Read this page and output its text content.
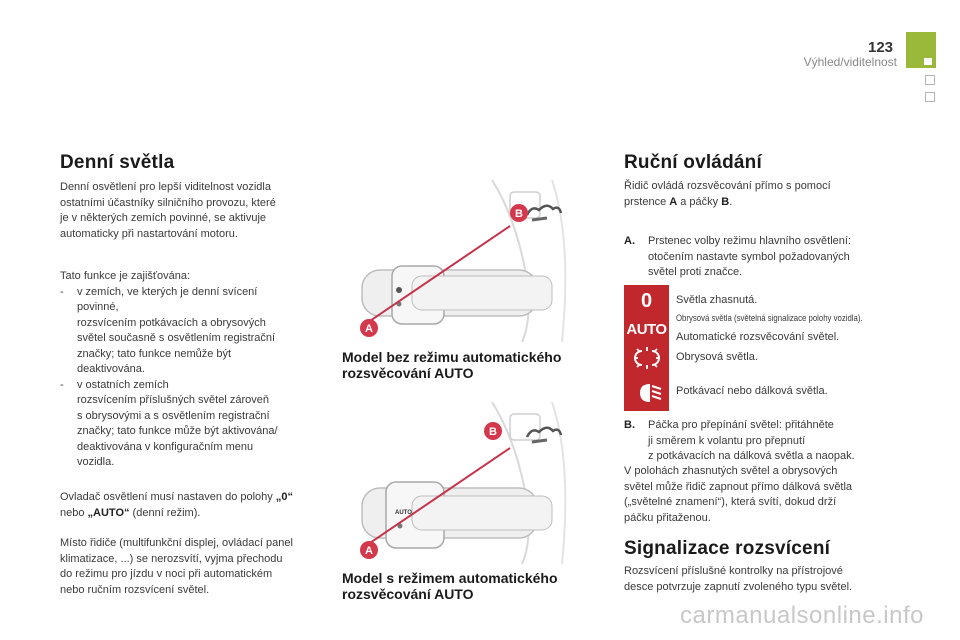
123
Výhled/viditelnost
Denní světla

Denní osvětlení pro lepší viditelnost vozidla

ostatními účastníky silničního provozu, které

je v některých zemích povinné, se aktivuje

automaticky při nastartování motoru.

Tato funkce je zajišťována:

- v zemích, ve kterých je denní svícení

povinné,

rozsvícením potkávacích a obrysových

světel současně s osvětlením registrační

značky; tato funkce nemůže být

deaktivována.

- v ostatních zemích

rozsvícením příslušných světel zároveň

s obrysovými a s osvětlením registrační

značky; tato funkce může být aktivována/

deaktivována v konfiguračním menu

vozidla.

Ovladač osvětlení musí nastaven do polohy „0“

nebo „AUTO“ (denní režim).

Místo řidiče (multifunkční displej, ovládací panel

klimatizace, ...) se nerozsvítí, vyjma přechodu

do režimu pro jízdu v noci při automatickém

nebo ručním rozsvícení světel.

A
B

Model bez režimu automatického

rozsvěcování AUTO

AUTO
A
B

Model s režimem automatického

rozsvěcování AUTO

Ruční ovládání

Řidič ovládá rozsvěcování přímo s pomocí

prstence A a páčky B.

A. Prstenec volby režimu hlavního osvětlení:

otočením nastavte symbol požadovaných

světel proti značce.

0
AUTO
Světla zhasnutá.
Obrysová světla (světelná signalizace polohy vozidla).
Automatické rozsvěcování světel.
Obrysová světla.
Potkávací nebo dálková světla.
B. Páčka pro přepínání světel: přitáhněte

ji směrem k volantu pro přepnutí

z potkávacích na dálková světla a naopak.

V polohách zhasnutých světel a obrysových

světel může řidič zapnout přímo dálková světla

(„světelné znamení“), která svítí, dokud drží

páčku přitaženou.

Signalizace rozsvícení

Rozsvícení příslušné kontrolky na přístrojové

desce potvrzuje zapnutí zvoleného typu světel.

carmanualsonline.info
